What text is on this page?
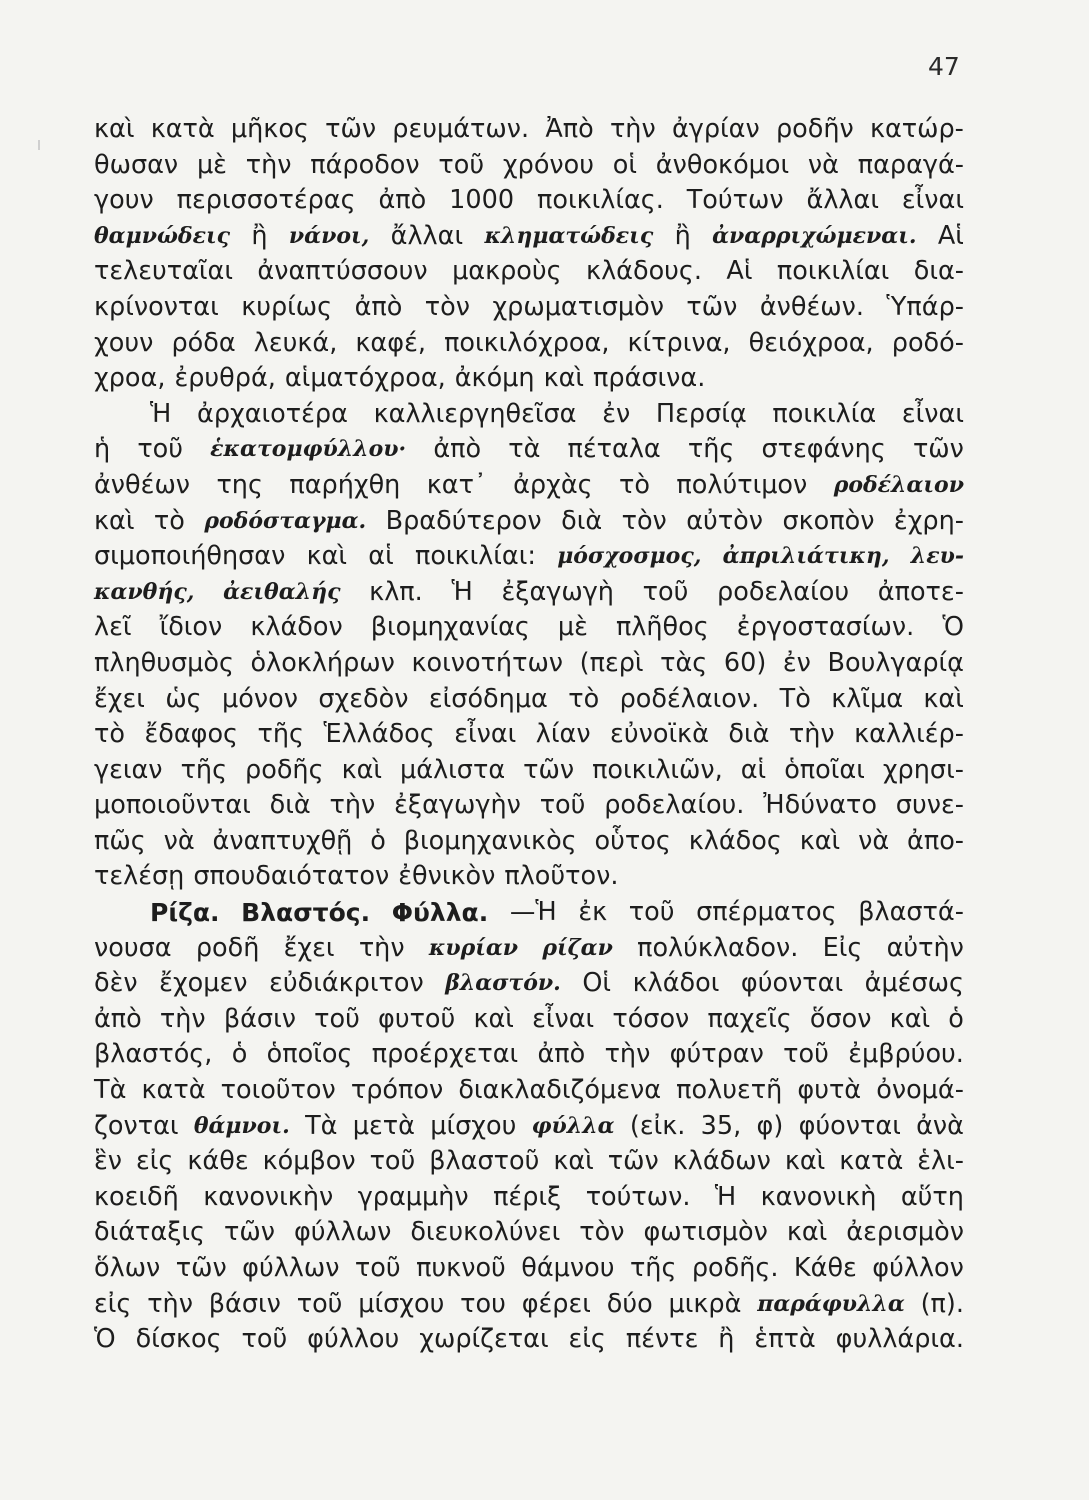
47
καὶ κατὰ μῆκος τῶν ρευμάτων. Ἀπὸ τὴν ἀγρίαν ροδῆν κατώρ-
θωσαν μὲ τὴν πάροδον τοῦ χρόνου οἱ ἀνθοκόμοι νὰ παραγά-
γουν περισσοτέρας ἀπὸ 1000 ποικιλίας. Τούτων ἄλλαι εἶναι
θαμνώδεις ἢ νάνοι, ἄλλαι κληματώδεις ἢ ἀναρριχώμεναι. Αἱ
τελευταῖαι ἀναπτύσσουν μακροὺς κλάδους. Αἱ ποικιλίαι δια-
κρίνονται κυρίως ἀπὸ τὸν χρωματισμὸν τῶν ἀνθέων. Ὑπάρ-
χουν ρόδα λευκά, καφέ, ποικιλόχροα, κίτρινα, θειόχροα, ροδό-
χροα, ἐρυθρά, αἱματόχροα, ἀκόμη καὶ πράσινα.
Ἡ ἀρχαιοτέρα καλλιεργηθεῖσα ἐν Περσίᾳ ποικιλία εἶναι
ἡ τοῦ ἑκατομφύλλου· ἀπὸ τὰ πέταλα τῆς στεφάνης τῶν
ἀνθέων της παρήχθη κατ᾿ ἀρχὰς τὸ πολύτιμον ροδέλαιον
καὶ τὸ ροδόσταγμα. Βραδύτερον διὰ τὸν αὐτὸν σκοπὸν ἐχρη-
σιμοποιήθησαν καὶ αἱ ποικιλίαι: μόσχοσμος, ἀπριλιάτικη, λευ-
κανθής, ἀειθαλής κλπ. Ἡ ἐξαγωγὴ τοῦ ροδελαίου ἀποτε-
λεῖ ἴδιον κλάδον βιομηχανίας μὲ πλῆθος ἐργοστασίων. Ὁ
πληθυσμὸς ὁλοκλήρων κοινοτήτων (περὶ τὰς 60) ἐν Βουλγαρίᾳ
ἔχει ὡς μόνον σχεδὸν εἰσόδημα τὸ ροδέλαιον. Τὸ κλῖμα καὶ
τὸ ἔδαφος τῆς Ἑλλάδος εἶναι λίαν εὐνοϊκὰ διὰ τὴν καλλιέρ-
γειαν τῆς ροδῆς καὶ μάλιστα τῶν ποικιλιῶν, αἱ ὁποῖαι χρησι-
μοποιοῦνται διὰ τὴν ἐξαγωγὴν τοῦ ροδελαίου. Ἠδύνατο συνε-
πῶς νὰ ἀναπτυχθῇ ὁ βιομηχανικὸς οὗτος κλάδος καὶ νὰ ἀπο-
τελέσῃ σπουδαιότατον ἐθνικὸν πλοῦτον.
Ρίζα. Βλαστός. Φύλλα. —Ἡ ἐκ τοῦ σπέρματος βλαστά-
νουσα ροδῆ ἔχει τὴν κυρίαν ρίζαν πολύκλαδον. Εἰς αὐτὴν
δὲν ἔχομεν εὐδιάκριτον βλαστόν. Οἱ κλάδοι φύονται ἀμέσως
ἀπὸ τὴν βάσιν τοῦ φυτοῦ καὶ εἶναι τόσον παχεῖς ὅσον καὶ ὁ
βλαστός, ὁ ὁποῖος προέρχεται ἀπὸ τὴν φύτραν τοῦ ἐμβρύου.
Τὰ κατὰ τοιοῦτον τρόπον διακλαδιζόμενα πολυετῆ φυτὰ ὀνομά-
ζονται θάμνοι. Τὰ μετὰ μίσχου φύλλα (εἰκ. 35, φ) φύονται ἀνὰ
ἓν εἰς κάθε κόμβον τοῦ βλαστοῦ καὶ τῶν κλάδων καὶ κατὰ ἑλι-
κοειδῆ κανονικὴν γραμμὴν πέριξ τούτων. Ἡ κανονικὴ αὕτη
διάταξις τῶν φύλλων διευκολύνει τὸν φωτισμὸν καὶ ἀερισμὸν
ὅλων τῶν φύλλων τοῦ πυκνοῦ θάμνου τῆς ροδῆς. Κάθε φύλλον
εἰς τὴν βάσιν τοῦ μίσχου του φέρει δύο μικρὰ παράφυλλα (π).
Ὁ δίσκος τοῦ φύλλου χωρίζεται εἰς πέντε ἢ ἑπτὰ φυλλάρια.
